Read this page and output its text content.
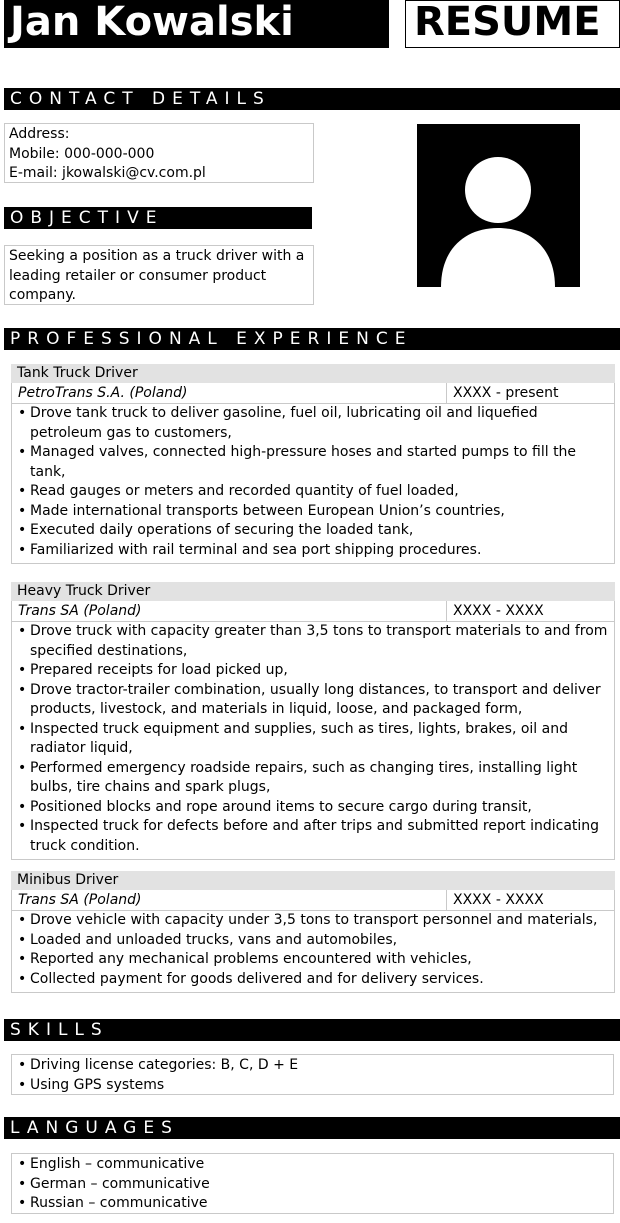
Jan Kowalski	RESUME
CONTACT DETAILS
Address:
Mobile: 000-000-000
E-mail: jkowalski@cv.com.pl
OBJECTIVE
Seeking a position as a truck driver with a
leading retailer or consumer product
company.
PROFESSIONAL EXPERIENCE
Tank Truck Driver
PetroTrans S.A. (Poland)	XXXX - present
• Drove tank truck to deliver gasoline, fuel oil, lubricating oil and liquefied petroleum gas to customers,
• Managed valves, connected high-pressure hoses and started pumps to fill the tank,
• Read gauges or meters and recorded quantity of fuel loaded,
• Made international transports between European Union’s countries,
• Executed daily operations of securing the loaded tank,
• Familiarized with rail terminal and sea port shipping procedures.
Heavy Truck Driver
Trans SA (Poland)	XXXX - XXXX
• Drove truck with capacity greater than 3,5 tons to transport materials to and from specified destinations,
• Prepared receipts for load picked up,
• Drove tractor-trailer combination, usually long distances, to transport and deliver products, livestock, and materials in liquid, loose, and packaged form,
• Inspected truck equipment and supplies, such as tires, lights, brakes, oil and radiator liquid,
• Performed emergency roadside repairs, such as changing tires, installing light bulbs, tire chains and spark plugs,
• Positioned blocks and rope around items to secure cargo during transit,
• Inspected truck for defects before and after trips and submitted report indicating truck condition.
Minibus Driver
Trans SA (Poland)	XXXX - XXXX
• Drove vehicle with capacity under 3,5 tons to transport personnel and materials,
• Loaded and unloaded trucks, vans and automobiles,
• Reported any mechanical problems encountered with vehicles,
• Collected payment for goods delivered and for delivery services.
SKILLS
• Driving license categories: B, C, D + E
• Using GPS systems
LANGUAGES
• English – communicative
• German – communicative
• Russian – communicative
